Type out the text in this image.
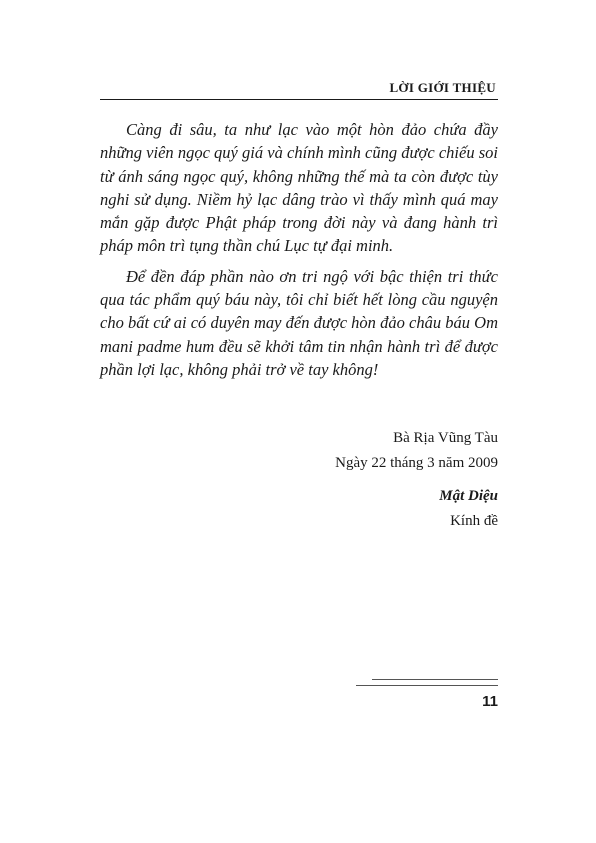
LỜI GIỚI THIỆU

Càng đi sâu, ta như lạc vào một hòn đảo chứa đầy những viên ngọc quý giá và chính mình cũng được chiếu soi từ ánh sáng ngọc quý, không những thế mà ta còn được tùy nghi sử dụng. Niềm hỷ lạc dâng trào vì thấy mình quá may mắn gặp được Phật pháp trong đời này và đang hành trì pháp môn trì tụng thần chú Lục tự đại minh.

Để đền đáp phần nào ơn tri ngộ với bậc thiện tri thức qua tác phẩm quý báu này, tôi chỉ biết hết lòng cầu nguyện cho bất cứ ai có duyên may đến được hòn đảo châu báu Om mani padme hum đều sẽ khởi tâm tin nhận hành trì để được phần lợi lạc, không phải trở về tay không!

Bà Rịa Vũng Tàu
Ngày 22 tháng 3 năm 2009
Mật Diệu
Kính đề
11
